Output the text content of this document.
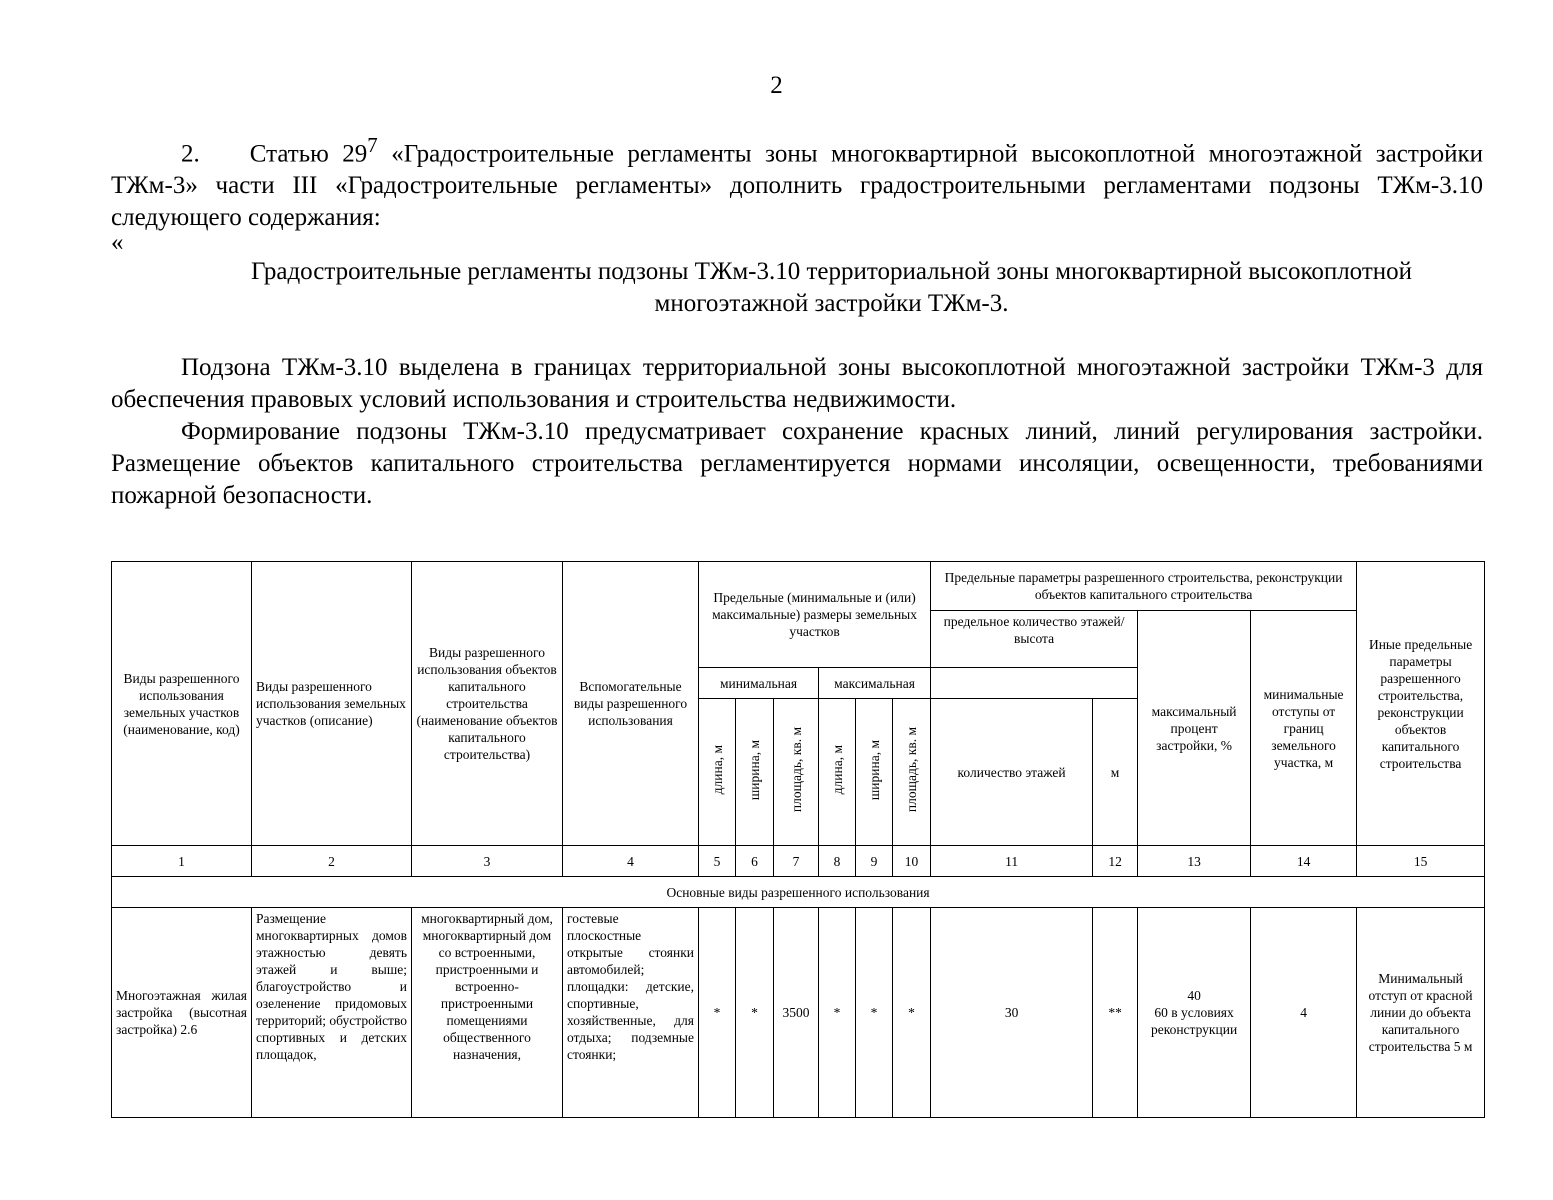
2
2.  Статью $29^7$ «Градостроительные регламенты зоны многоквартирной высокоплотной многоэтажной застройки ТЖм-3» части III «Градостроительные регламенты» дополнить градостроительными регламентами подзоны ТЖм-3.10 следующего содержания:
«
Градостроительные регламенты подзоны ТЖм-3.10 территориальной зоны многоквартирной высокоплотной многоэтажной застройки ТЖм-3.
Подзона ТЖм-3.10 выделена в границах территориальной зоны высокоплотной многоэтажной застройки ТЖм-3 для обеспечения правовых условий использования и строительства недвижимости.
Формирование подзоны ТЖм-3.10 предусматривает сохранение красных линий, линий регулирования застройки. Размещение объектов капитального строительства регламентируется нормами инсоляции, освещенности, требованиями пожарной безопасности.
Виды разрешенного использования земельных участков (наименование, код)	Виды разрешенного использования земельных участков (описание)	Виды разрешенного использования объектов капитального строительства (наименование объектов капитального строительства)	Вспомогательные виды разрешенного использования	Предельные (минимальные и (или) максимальные) размеры земельных участков						Предельные параметры разрешенного строительства, реконструкции объектов капитального строительства				Иные предельные параметры разрешенного строительства, реконструкции объектов капитального строительства
										предельное количество этажей/высота		максимальный процент застройки, %	минимальные отступы от границ земельного участка, м	
				минимальная			максимальная							
				длина, м	ширина, м	площадь, кв. м	длина, м	ширина, м	площадь, кв. м	количество этажей	м			
1	2	3	4	5	6	7	8	9	10	11	12	13	14	15
Основные виды разрешенного использования														
Многоэтажная жилая застройка (высотная застройка) 2.6	Размещение многоквартирных домов этажностью девять этажей и выше; благоустройство и озеленение придомовых территорий; обустройство спортивных и детских площадок,	многоквартирный дом, многоквартирный дом со встроенными, пристроенными и встроенно-пристроенными помещениями общественного назначения,	гостевые плоскостные открытые стоянки автомобилей; площадки: детские, спортивные, хозяйственные, для отдыха; подземные стоянки;	*	*	3500	*	*	*	30	**	40
60 в условиях реконструкции	4	Минимальный отступ от красной линии до объекта капитального строительства 5 м
